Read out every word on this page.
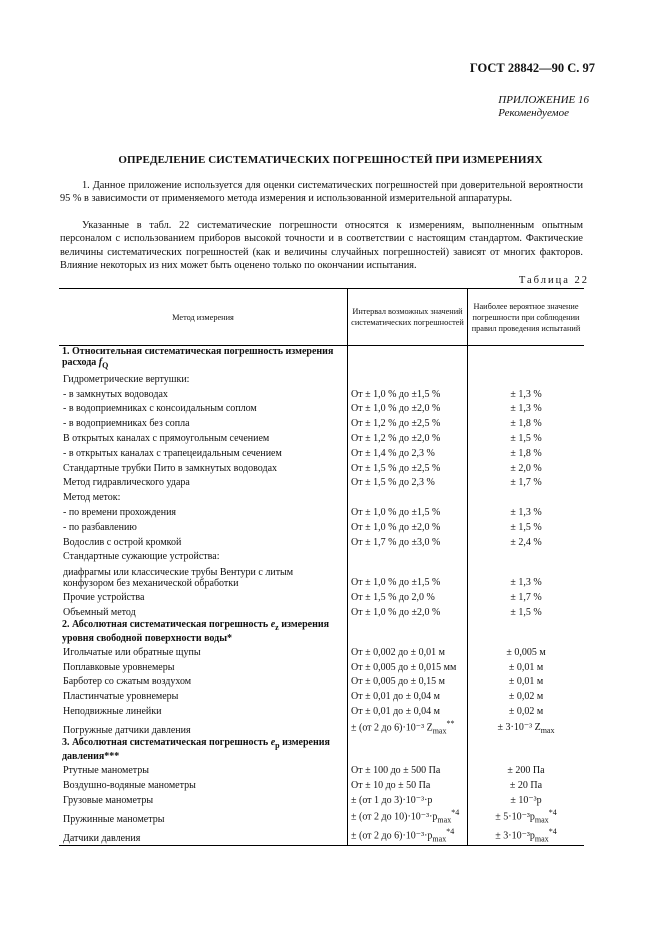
ГОСТ 28842—90 С. 97
ПРИЛОЖЕНИЕ 16
Рекомендуемое
ОПРЕДЕЛЕНИЕ СИСТЕМАТИЧЕСКИХ ПОГРЕШНОСТЕЙ ПРИ ИЗМЕРЕНИЯХ
1. Данное приложение используется для оценки систематических погрешностей при доверительной вероятности 95 % в зависимости от применяемого метода измерения и использованной измерительной аппаратуры.
Указанные в табл. 22 систематические погрешности относятся к измерениям, выполненным опытным персоналом с использованием приборов высокой точности и в соответствии с настоящим стандартом. Фактические величины систематических погрешностей (как и величины случайных погрешностей) зависят от многих факторов. Влияние некоторых из них может быть оценено только по окончании испытания.
Таблица 22
Метод измерения	Интервал возможных значений систематических погрешностей	Наиболее вероятное значение погрешности при соблюдении правил проведения испытаний
1. Относительная систематическая погрешность измерения расхода $f_Q$		
Гидрометрические вертушки:		
- в замкнутых водоводах	От ± 1,0 % до ±1,5 %	± 1,3 %
- в водоприемниках с консоидальным соплом	От ± 1,0 % до ±2,0 %	± 1,3 %
- в водоприемниках без сопла	От ± 1,2 % до ±2,5 %	± 1,8 %
В открытых каналах с прямоугольным сечением	От ± 1,2 % до ±2,0 %	± 1,5 %
- в открытых каналах с трапецеидальным сечением	От ± 1,4 % до 2,3 %	± 1,8 %
Стандартные трубки Пито в замкнутых водоводах	От ± 1,5 % до ±2,5 %	± 2,0 %
Метод гидравлического удара	От ± 1,5 % до 2,3 %	± 1,7 %
Метод меток:		
- по времени прохождения	От ± 1,0 % до ±1,5 %	± 1,3 %
- по разбавлению	От ± 1,0 % до ±2,0 %	± 1,5 %
Водослив с острой кромкой	От ± 1,7 % до ±3,0 %	± 2,4 %
Стандартные сужающие устройства:		
диафрагмы или классические трубы Вентури с литым конфузором без механической обработки	От ± 1,0 % до ±1,5 %	± 1,3 %
Прочие устройства	От ± 1,5 % до 2,0 %	± 1,7 %
Объемный метод	От ± 1,0 % до ±2,0 %	± 1,5 %
2. Абсолютная систематическая погрешность $e_z$ измерения уровня свободной поверхности воды*		
Игольчатые или обратные щупы	От ± 0,002 до ± 0,01 м	± 0,005 м
Поплавковые уровнемеры	От ± 0,005 до ± 0,015 мм	± 0,01 м
Барботер со сжатым воздухом	От ± 0,005 до ± 0,15 м	± 0,01 м
Пластинчатые уровнемеры	От ± 0,01 до ± 0,04 м	± 0,02 м
Неподвижные линейки	От ± 0,01 до ± 0,04 м	± 0,02 м
Погружные датчики давления	± (от 2 до 6)·10⁻³ $Z_{max}^{**}$	± 3·10⁻³ $Z_{max}$
3. Абсолютная систематическая погрешность $e_p$ измерения давления***		
Ртутные манометры	От ± 100 до ± 500 Па	± 200 Па
Воздушно-водяные манометры	От ± 10 до ± 50 Па	± 20 Па
Грузовые манометры	± (от 1 до 3)·10⁻³·p	± 10⁻³p
Пружинные манометры	± (от 2 до $10)\cdot 10^{-3}\cdot p_{max}^{*4}$	± $5\cdot 10^{-3}p_{max}^{*4}$
Датчики давления	± (от 2 до $6)\cdot 10^{-3}\cdot p_{max}^{*4}$	± $3\cdot 10^{-3}p_{max}^{*4}$
